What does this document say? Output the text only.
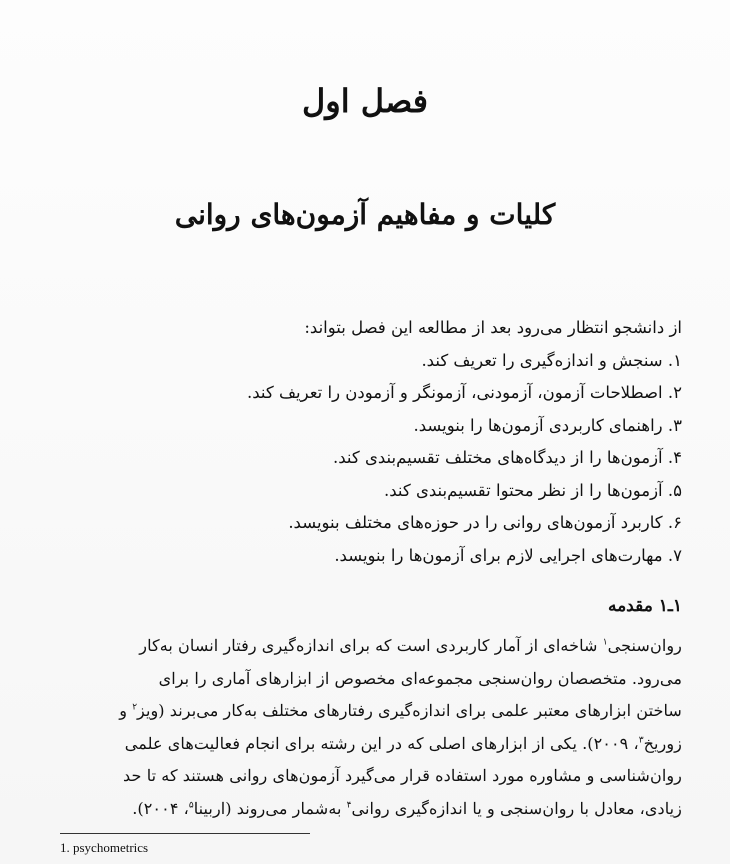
فصل اول
کلیات و مفاهیم آزمون‌های روانی
از دانشجو انتظار می‌رود بعد از مطالعه این فصل بتواند:
۱. سنجش و اندازه‌گیری را تعریف کند.
۲. اصطلاحات آزمون، آزمودنی، آزمونگر و آزمودن را تعریف کند.
۳. راهنمای کاربردی آزمون‌ها را بنویسد.
۴. آزمون‌ها را از دیدگاه‌های مختلف تقسیم‌بندی کند.
۵. آزمون‌ها را از نظر محتوا تقسیم‌بندی کند.
۶. کاربرد آزمون‌های روانی را در حوزه‌های مختلف بنویسد.
۷. مهارت‌های اجرایی لازم برای آزمون‌ها را بنویسد.
۱ـ۱ مقدمه
روان‌سنجی$^۱$ شاخه‌ای از آمار کاربردی است که برای اندازه‌گیری رفتار انسان به‌کار
می‌رود. متخصصان روان‌سنجی مجموعه‌ای مخصوص از ابزارهای آماری را برای
ساختن ابزارهای معتبر علمی برای اندازه‌گیری رفتارهای مختلف به‌کار می‌برند (ویز$^۲$ و
زوریخ$^۳$، ۲۰۰۹). یکی از ابزارهای اصلی که در این رشته برای انجام فعالیت‌های علمی
روان‌شناسی و مشاوره مورد استفاده قرار می‌گیرد آزمون‌های روانی هستند که تا حد
زیادی، معادل با روان‌سنجی و یا اندازه‌گیری روانی$^۴$ به‌شمار می‌روند (اربینا$^۵$، ۲۰۰۴).
1. psychometrics
